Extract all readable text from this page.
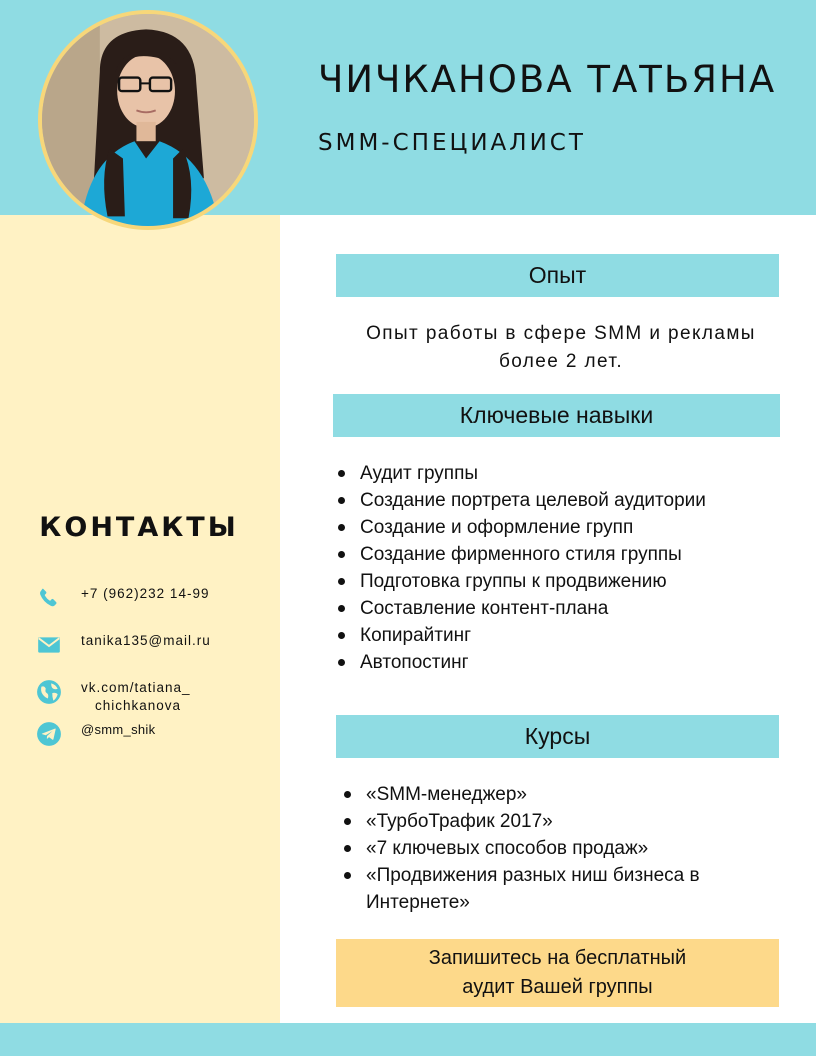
ЧИЧКАНОВА ТАТЬЯНА
SMM-СПЕЦИАЛИСТ
КОНТАКТЫ
+7 (962)232 14-99
tanika135@mail.ru
vk.com/tatiana_
chichkanova
@smm_shik
Опыт
Опыт работы в сфере SMM и рекламы
более 2 лет.
Ключевые навыки
Аудит группы
Создание портрета целевой аудитории
Создание и оформление групп
Создание фирменного стиля группы
Подготовка группы к продвижению
Составление контент-плана
Копирайтинг
Автопостинг
Курсы
«SMM-менеджер»
«ТурбоТрафик 2017»
«7 ключевых способов продаж»
«Продвижения разных ниш бизнеса в Интернете»
Запишитесь на бесплатный
аудит Вашей группы
